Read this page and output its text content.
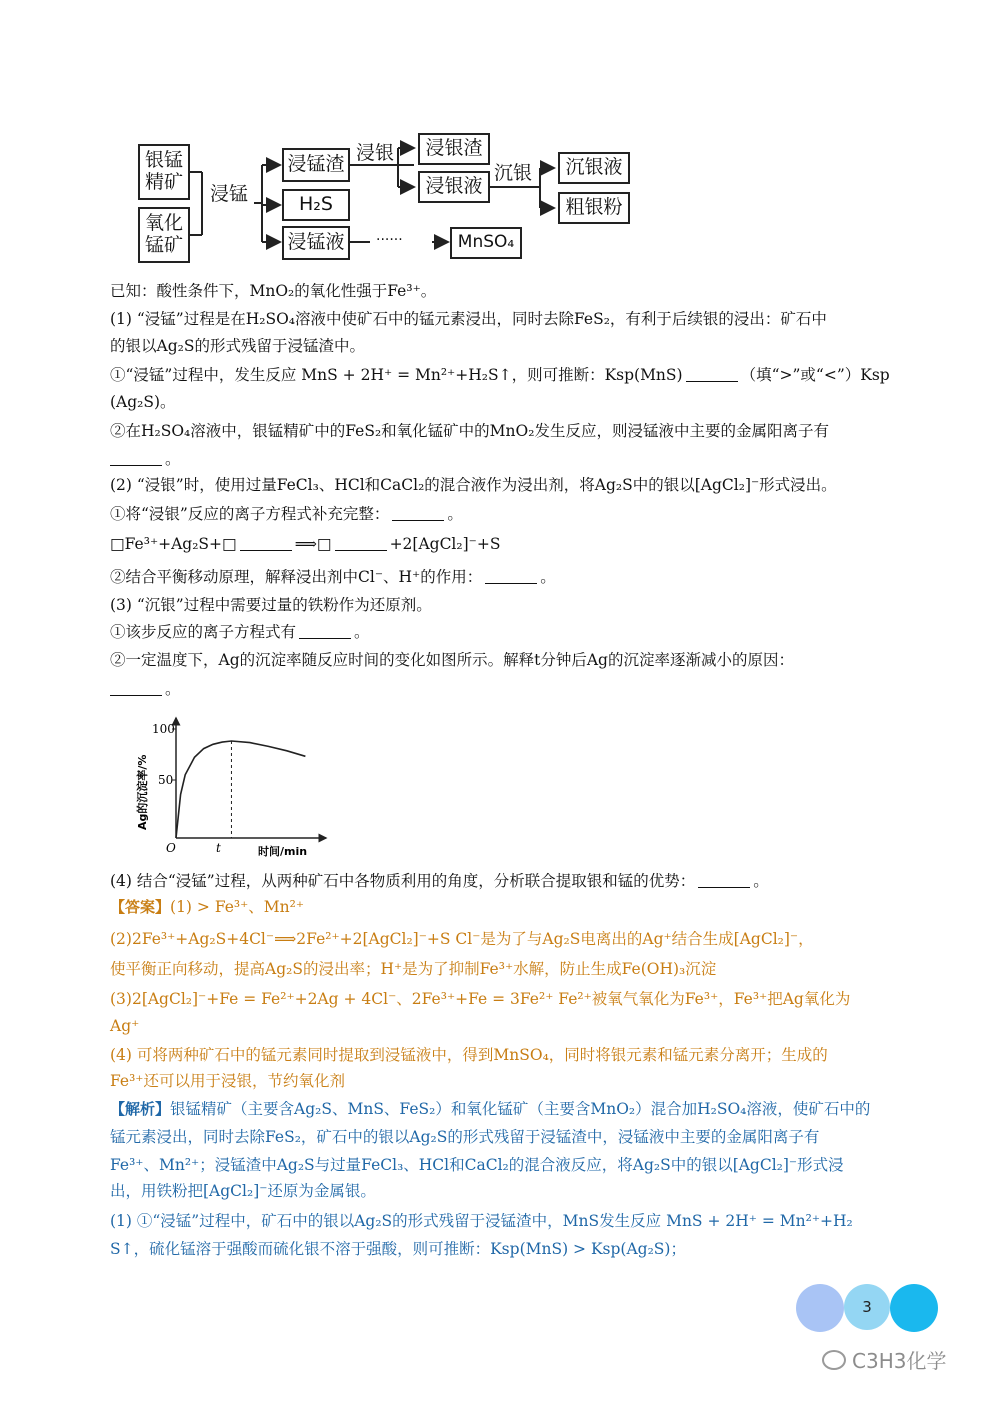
银锰
精矿
氧化
锰矿
浸锰
浸锰渣
H₂S
浸锰液 ······	MnSO₄
浸银 浸银渣
浸银液
沉银 沉银液
粗银粉
已知：酸性条件下，MnO₂的氧化性强于Fe³⁺。
(1) “浸锰”过程是在H₂SO₄溶液中使矿石中的锰元素浸出，同时去除FeS₂，有利于后续银的浸出：矿石中
的银以Ag₂S的形式残留于浸锰渣中。
①“浸锰”过程中，发生反应 MnS + 2H⁺ = Mn²⁺+H₂S↑，则可推断：Ksp(MnS)	（填“>”或“<”）Ksp
(Ag₂S)。
②在H₂SO₄溶液中，银锰精矿中的FeS₂和氧化锰矿中的MnO₂发生反应，则浸锰液中主要的金属阳离子有
。
(2) “浸银”时，使用过量FeCl₃、HCl和CaCl₂的混合液作为浸出剂，将Ag₂S中的银以[AgCl₂]⁻形式浸出。
①将“浸银”反应的离子方程式补充完整：	。
□Fe³⁺+Ag₂S+□	⟹□	+2[AgCl₂]⁻+S
②结合平衡移动原理，解释浸出剂中Cl⁻、H⁺的作用：	。
(3) “沉银”过程中需要过量的铁粉作为还原剂。
①该步反应的离子方程式有	。
②一定温度下，Ag的沉淀率随反应时间的变化如图所示。解释t分钟后Ag的沉淀率逐渐减小的原因：
。
100
50
O	t	时间/min
Ag的沉淀率/%
(4) 结合“浸锰”过程，从两种矿石中各物质利用的角度，分析联合提取银和锰的优势：	。
【答案】(1) > Fe³⁺、Mn²⁺
(2)2Fe³⁺+Ag₂S+4Cl⁻⟹2Fe²⁺+2[AgCl₂]⁻+S Cl⁻是为了与Ag₂S电离出的Ag⁺结合生成[AgCl₂]⁻，
使平衡正向移动，提高Ag₂S的浸出率；H⁺是为了抑制Fe³⁺水解，防止生成Fe(OH)₃沉淀
(3)2[AgCl₂]⁻+Fe = Fe²⁺+2Ag + 4Cl⁻、2Fe³⁺+Fe = 3Fe²⁺ Fe²⁺被氧气氧化为Fe³⁺，Fe³⁺把Ag氧化为
Ag⁺
(4) 可将两种矿石中的锰元素同时提取到浸锰液中，得到MnSO₄，同时将银元素和锰元素分离开；生成的
Fe³⁺还可以用于浸银，节约氧化剂
【解析】银锰精矿（主要含Ag₂S、MnS、FeS₂）和氧化锰矿（主要含MnO₂）混合加H₂SO₄溶液，使矿石中的
锰元素浸出，同时去除FeS₂，矿石中的银以Ag₂S的形式残留于浸锰渣中，浸锰液中主要的金属阳离子有
Fe³⁺、Mn²⁺；浸锰渣中Ag₂S与过量FeCl₃、HCl和CaCl₂的混合液反应，将Ag₂S中的银以[AgCl₂]⁻形式浸
出，用铁粉把[AgCl₂]⁻还原为金属银。
(1) ①“浸锰”过程中，矿石中的银以Ag₂S的形式残留于浸锰渣中，MnS发生反应 MnS + 2H⁺ = Mn²⁺+H₂
S↑，硫化锰溶于强酸而硫化银不溶于强酸，则可推断：Ksp(MnS) > Ksp(Ag₂S)；
3
C3H3化学
